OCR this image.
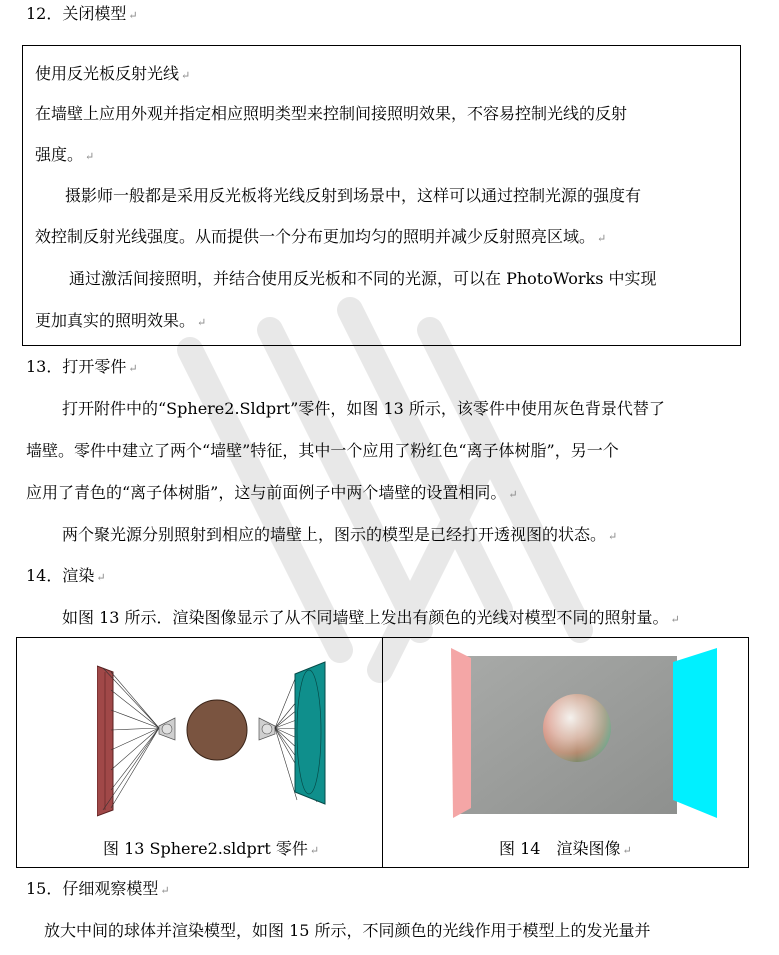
12．关闭模型 ↵
使用反光板反射光线 ↵
在墙壁上应用外观并指定相应照明类型来控制间接照明效果，不容易控制光线的反射
强度。 ↵
摄影师一般都是采用反光板将光线反射到场景中，这样可以通过控制光源的强度有
效控制反射光线强度。从而提供一个分布更加均匀的照明并减少反射照亮区域。 ↵
通过激活间接照明，并结合使用反光板和不同的光源，可以在 PhotoWorks 中实现
更加真实的照明效果。 ↵
13．打开零件 ↵
打开附件中的“Sphere2.Sldprt”零件，如图 13 所示，该零件中使用灰色背景代替了
墙壁。零件中建立了两个“墙壁”特征，其中一个应用了粉红色“离子体树脂”，另一个
应用了青色的“离子体树脂”，这与前面例子中两个墙壁的设置相同。 ↵
两个聚光源分别照射到相应的墙壁上，图示的模型是已经打开透视图的状态。 ↵
14．渲染 ↵
如图 13 所示．渲染图像显示了从不同墙壁上发出有颜色的光线对模型不同的照射量。 ↵
图 13 Sphere2.sldprt 零件 ↵	图 14　渲染图像 ↵
15．仔细观察模型 ↵
放大中间的球体并渲染模型，如图 15 所示，不同颜色的光线作用于模型上的发光量并
